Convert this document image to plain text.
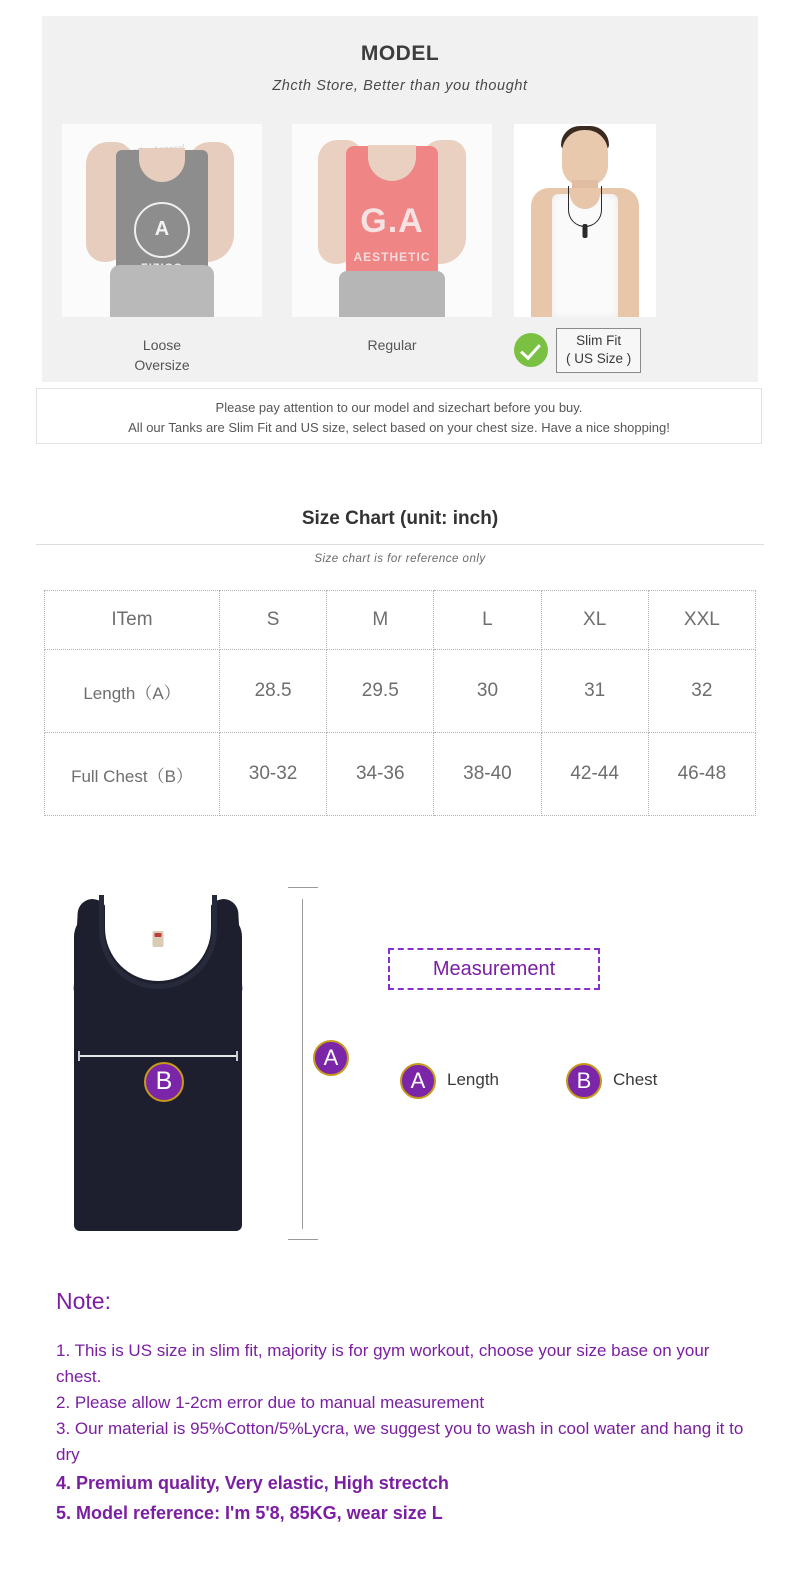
MODEL
Zhcth Store, Better than you thought
A
Loose
Oversize
G.A
AESTHETIC
Regular	Slim Fit
( US Size )
Please pay attention to our model and sizechart before you buy.
All our Tanks are Slim Fit and US size, select based on your chest size. Have a nice shopping!
Size Chart (unit: inch)
Size chart is for reference only
ITem	S	M	L	XL	XXL
Length（A）	28.5	29.5	30	31	32
Full Chest（B）	30-32	34-36	38-40	42-44	46-48
B
A
Measurement
A	Length	B	Chest
Note:

1. This is US size in slim fit, majority is for gym workout, choose your size base on your chest.

2. Please allow 1-2cm error due to manual measurement

3. Our material is 95%Cotton/5%Lycra, we suggest you to wash in cool water and hang it to dry

4. Premium quality, Very elastic, High strectch

5. Model reference: I'm 5'8, 85KG, wear size L
